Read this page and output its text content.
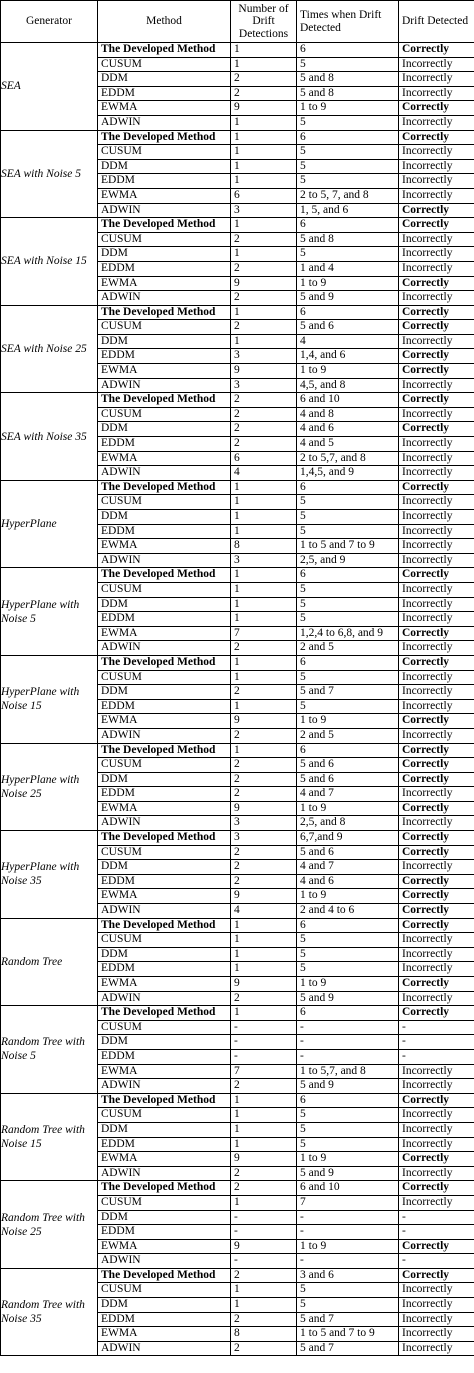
Generator	Method	Number of Drift Detections	Times when Drift Detected	Drift Detected
SEA	The Developed Method	1	6	Correctly
	CUSUM	1	5	Incorrectly
	DDM	2	5 and 8	Incorrectly
	EDDM	2	5 and 8	Incorrectly
	EWMA	9	1 to 9	Correctly
	ADWIN	1	5	Incorrectly
SEA with Noise 5	The Developed Method	1	6	Correctly
	CUSUM	1	5	Incorrectly
	DDM	1	5	Incorrectly
	EDDM	1	5	Incorrectly
	EWMA	6	2 to 5, 7, and 8	Incorrectly
	ADWIN	3	1, 5, and 6	Correctly
SEA with Noise 15	The Developed Method	1	6	Correctly
	CUSUM	2	5 and 8	Incorrectly
	DDM	1	5	Incorrectly
	EDDM	2	1 and 4	Incorrectly
	EWMA	9	1 to 9	Correctly
	ADWIN	2	5 and 9	Incorrectly
SEA with Noise 25	The Developed Method	1	6	Correctly
	CUSUM	2	5 and 6	Correctly
	DDM	1	4	Incorrectly
	EDDM	3	1,4, and 6	Correctly
	EWMA	9	1 to 9	Correctly
	ADWIN	3	4,5, and 8	Incorrectly
SEA with Noise 35	The Developed Method	2	6 and 10	Correctly
	CUSUM	2	4 and 8	Incorrectly
	DDM	2	4 and 6	Correctly
	EDDM	2	4 and 5	Incorrectly
	EWMA	6	2 to 5,7, and 8	Incorrectly
	ADWIN	4	1,4,5, and 9	Incorrectly
HyperPlane	The Developed Method	1	6	Correctly
	CUSUM	1	5	Incorrectly
	DDM	1	5	Incorrectly
	EDDM	1	5	Incorrectly
	EWMA	8	1 to 5 and 7 to 9	Incorrectly
	ADWIN	3	2,5, and 9	Incorrectly
HyperPlane with Noise 5	The Developed Method	1	6	Correctly
	CUSUM	1	5	Incorrectly
	DDM	1	5	Incorrectly
	EDDM	1	5	Incorrectly
	EWMA	7	1,2,4 to 6,8, and 9	Correctly
	ADWIN	2	2 and 5	Incorrectly
HyperPlane with Noise 15	The Developed Method	1	6	Correctly
	CUSUM	1	5	Incorrectly
	DDM	2	5 and 7	Incorrectly
	EDDM	1	5	Incorrectly
	EWMA	9	1 to 9	Correctly
	ADWIN	2	2 and 5	Incorrectly
HyperPlane with Noise 25	The Developed Method	1	6	Correctly
	CUSUM	2	5 and 6	Correctly
	DDM	2	5 and 6	Correctly
	EDDM	2	4 and 7	Incorrectly
	EWMA	9	1 to 9	Correctly
	ADWIN	3	2,5, and 8	Incorrectly
HyperPlane with Noise 35	The Developed Method	3	6,7,and 9	Correctly
	CUSUM	2	5 and 6	Correctly
	DDM	2	4 and 7	Incorrectly
	EDDM	2	4 and 6	Correctly
	EWMA	9	1 to 9	Correctly
	ADWIN	4	2 and 4 to 6	Correctly
Random Tree	The Developed Method	1	6	Correctly
	CUSUM	1	5	Incorrectly
	DDM	1	5	Incorrectly
	EDDM	1	5	Incorrectly
	EWMA	9	1 to 9	Correctly
	ADWIN	2	5 and 9	Incorrectly
Random Tree with Noise 5	The Developed Method	1	6	Correctly
	CUSUM	-	-	-
	DDM	-	-	-
	EDDM	-	-	-
	EWMA	7	1 to 5,7, and 8	Incorrectly
	ADWIN	2	5 and 9	Incorrectly
Random Tree with Noise 15	The Developed Method	1	6	Correctly
	CUSUM	1	5	Incorrectly
	DDM	1	5	Incorrectly
	EDDM	1	5	Incorrectly
	EWMA	9	1 to 9	Correctly
	ADWIN	2	5 and 9	Incorrectly
Random Tree with Noise 25	The Developed Method	2	6 and 10	Correctly
	CUSUM	1	7	Incorrectly
	DDM	-	-	-
	EDDM	-	-	-
	EWMA	9	1 to 9	Correctly
	ADWIN	-	-	-
Random Tree with Noise 35	The Developed Method	2	3 and 6	Correctly
	CUSUM	1	5	Incorrectly
	DDM	1	5	Incorrectly
	EDDM	2	5 and 7	Incorrectly
	EWMA	8	1 to 5 and 7 to 9	Incorrectly
	ADWIN	2	5 and 7	Incorrectly
